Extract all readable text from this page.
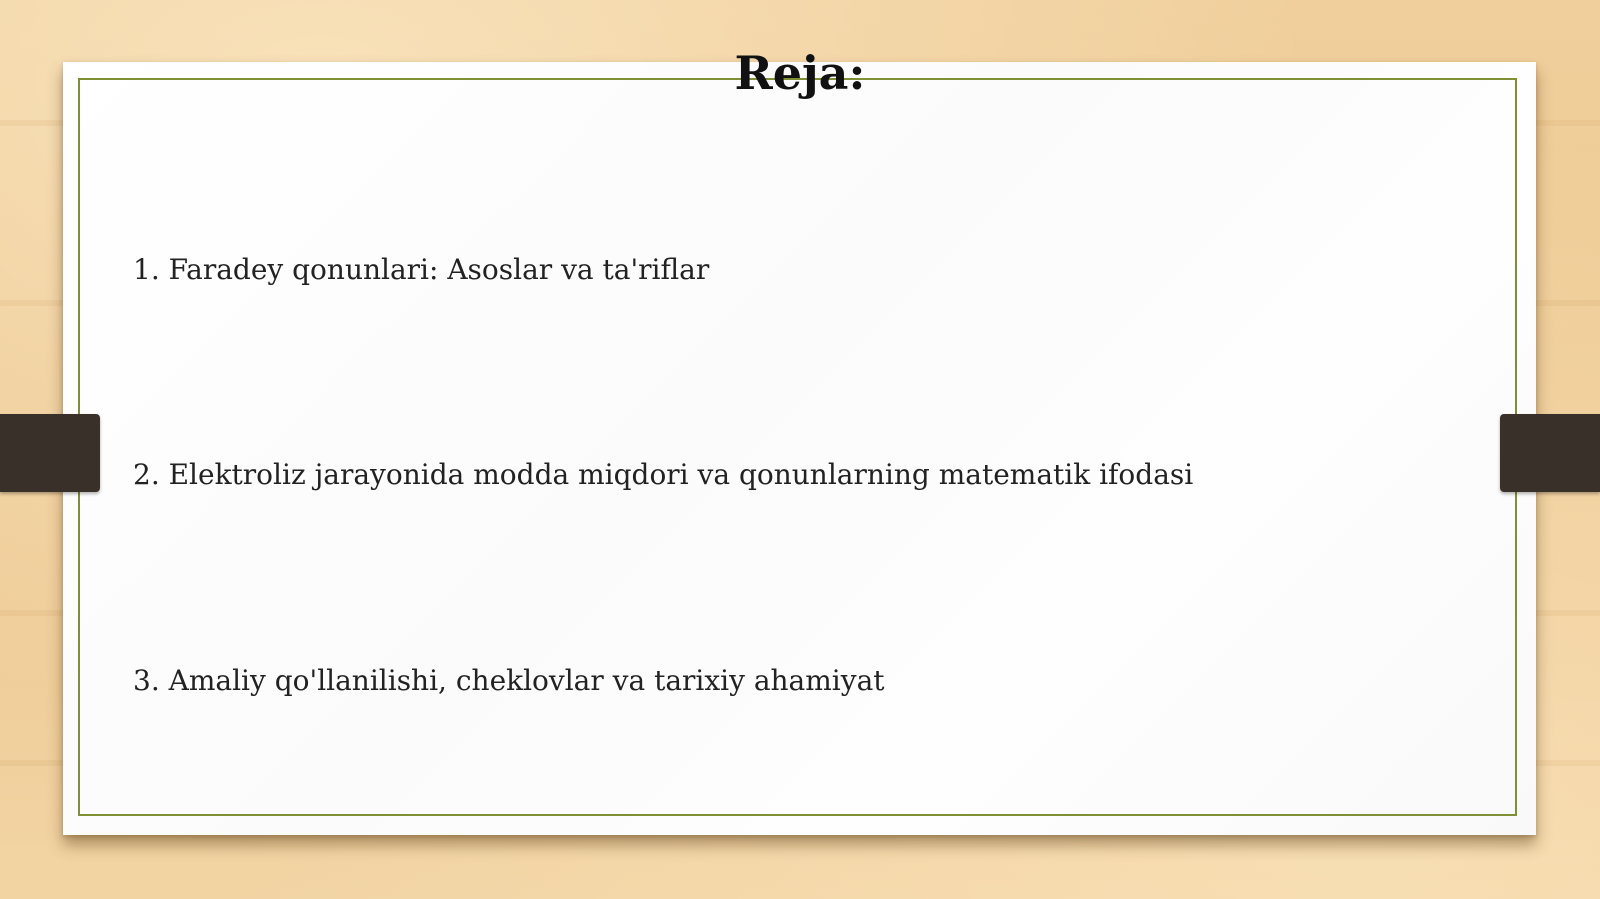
Reja:

1. Faradey qonunlari: Asoslar va ta'riflar

2. Elektroliz jarayonida modda miqdori va qonunlarning matematik ifodasi

3. Amaliy qo'llanilishi, cheklovlar va tarixiy ahamiyat
